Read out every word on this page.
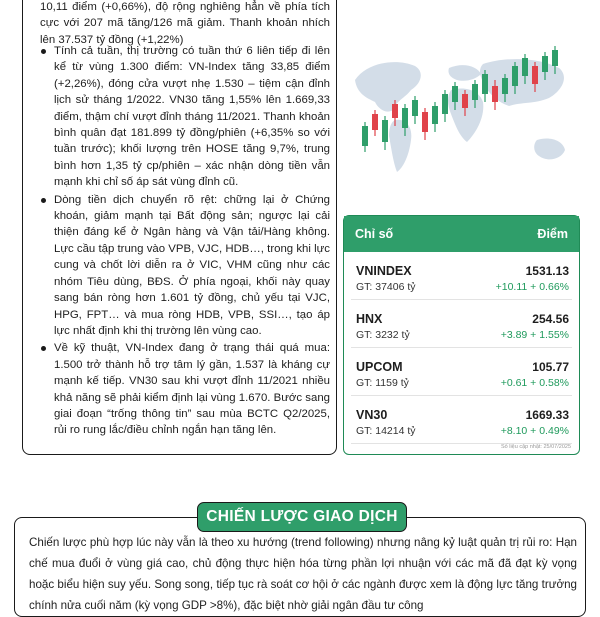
10,11 điểm (+0,66%), độ rộng nghiêng hẳn về phía tích cực với 207 mã tăng/126 mã giảm. Thanh khoản nhích lên 37.537 tỷ đồng (+1,22%)

Tính cả tuần, thị trường có tuần thứ 6 liên tiếp đi lên kể từ vùng 1.300 điểm: VN-Index tăng 33,85 điểm (+2,26%), đóng cửa vượt nhẹ 1.530 – tiệm cận đỉnh lịch sử tháng 1/2022. VN30 tăng 1,55% lên 1.669,33 điểm, thậm chí vượt đỉnh tháng 11/2021. Thanh khoản bình quân đạt 181.899 tỷ đồng/phiên (+6,35% so với tuần trước); khối lượng trên HOSE tăng 9,7%, trung bình hơn 1,35 tỷ cp/phiên – xác nhận dòng tiền vẫn mạnh khi chỉ số áp sát vùng đỉnh cũ.
Dòng tiền dịch chuyển rõ rệt: chững lại ở Chứng khoán, giảm mạnh tại Bất động sản; ngược lại cải thiện đáng kể ở Ngân hàng và Vận tải/Hàng không. Lực cầu tập trung vào VPB, VJC, HDB…, trong khi lực cung và chốt lời diễn ra ở VIC, VHM cũng như các nhóm Tiêu dùng, BĐS. Ở phía ngoại, khối này quay sang bán ròng hơn 1.601 tỷ đồng, chủ yếu tại VJC, HPG, FPT… và mua ròng HDB, VPB, SSI…, tạo áp lực nhất định khi thị trường lên vùng cao.
Về kỹ thuật, VN-Index đang ở trạng thái quá mua: 1.500 trở thành hỗ trợ tâm lý gần, 1.537 là kháng cự mạnh kế tiếp. VN30 sau khi vượt đỉnh 11/2021 nhiều khả năng sẽ phải kiểm định lại vùng 1.670. Bước sang giai đoạn “trống thông tin” sau mùa BCTC Q2/2025, rủi ro rung lắc/điều chỉnh ngắn hạn tăng lên.
Chỉ số	Điểm
VNINDEX
GT: 37406 tỷ
1531.13
+10.11 + 0.66%
HNX
GT: 3232 tỷ
254.56
+3.89 + 1.55%
UPCOM
GT: 1159 tỷ
105.77
+0.61 + 0.58%
VN30
GT: 14214 tỷ
1669.33
+8.10 + 0.49%
Số liệu cập nhật: 25/07/2025
CHIẾN LƯỢC GIAO DỊCH

Chiến lược phù hợp lúc này vẫn là theo xu hướng (trend following) nhưng nâng kỷ luật quản trị rủi ro: Hạn chế mua đuổi ở vùng giá cao, chủ động thực hiện hóa từng phần lợi nhuận với các mã đã đạt kỳ vọng hoặc biểu hiện suy yếu. Song song, tiếp tục rà soát cơ hội ở các ngành được xem là động lực tăng trưởng chính nửa cuối năm (kỳ vọng GDP >8%), đặc biệt nhờ giải ngân đầu tư công
